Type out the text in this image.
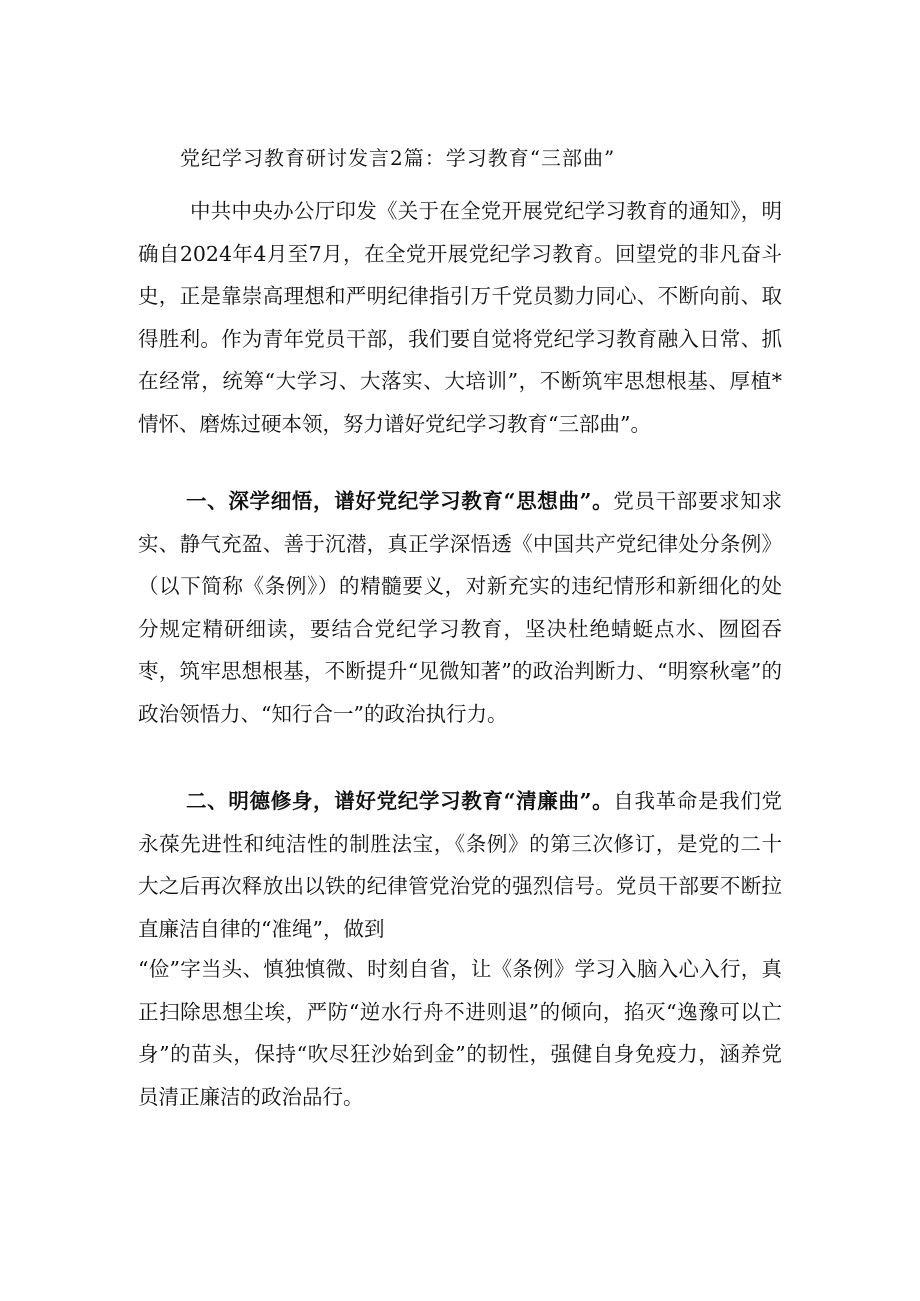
党纪学习教育研讨发言2篇：学习教育“三部曲”

中共中央办公厅印发《关于在全党开展党纪学习教育的通知》，明确自2024年4月至7月，在全党开展党纪学习教育。回望党的非凡奋斗史，正是靠崇高理想和严明纪律指引万千党员勠力同心、不断向前、取得胜利。作为青年党员干部，我们要自觉将党纪学习教育融入日常、抓在经常，统筹“大学习、大落实、大培训”，不断筑牢思想根基、厚植*情怀、磨炼过硬本领，努力谱好党纪学习教育“三部曲”。

一、深学细悟，谱好党纪学习教育“思想曲”。党员干部要求知求实、静气充盈、善于沉潜，真正学深悟透《中国共产党纪律处分条例》（以下简称《条例》）的精髓要义，对新充实的违纪情形和新细化的处分规定精研细读，要结合党纪学习教育，坚决杜绝蜻蜓点水、囫囵吞枣，筑牢思想根基，不断提升“见微知著”的政治判断力、“明察秋毫”的政治领悟力、“知行合一”的政治执行力。

二、明德修身，谱好党纪学习教育“清廉曲”。自我革命是我们党永葆先进性和纯洁性的制胜法宝，《条例》的第三次修订，是党的二十大之后再次释放出以铁的纪律管党治党的强烈信号。党员干部要不断拉直廉洁自律的“准绳”，做到

“俭”字当头、慎独慎微、时刻自省，让《条例》学习入脑入心入行，真正扫除思想尘埃，严防“逆水行舟不进则退”的倾向，掐灭“逸豫可以亡身”的苗头，保持“吹尽狂沙始到金”的韧性，强健自身免疫力，涵养党员清正廉洁的政治品行。
